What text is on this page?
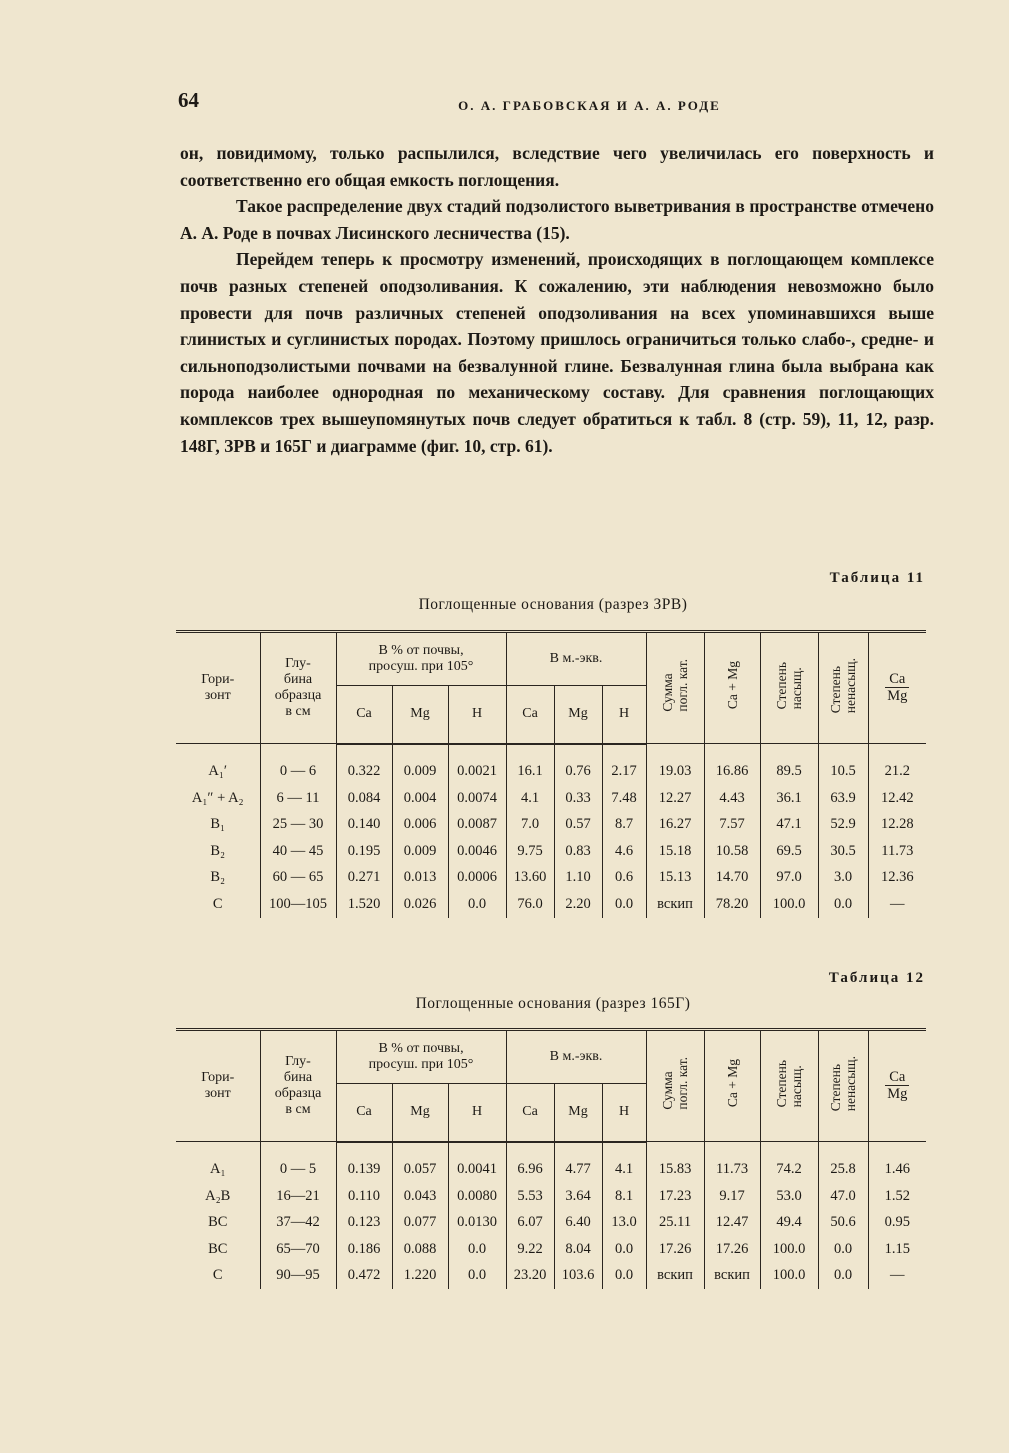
64	О. А. ГРАБОВСКАЯ И А. А. РОДЕ

он, повидимому, только распылился, вследствие чего увеличилась его поверхность и соответственно его общая емкость поглощения.

Такое распределение двух стадий подзолистого выветривания в пространстве отмечено А. А. Роде в почвах Лисинского лесничества (15).

Перейдем теперь к просмотру изменений, происходящих в поглощающем комплексе почв разных степеней оподзоливания. К сожалению, эти наблюдения невозможно было провести для почв различных степеней оподзоливания на всех упоминавшихся выше глинистых и суглинистых породах. Поэтому пришлось ограничиться только слабо-, средне- и сильноподзолистыми почвами на безвалунной глине. Безвалунная глина была выбрана как порода наиболее однородная по механическому составу. Для сравнения поглощающих комплексов трех вышеупомянутых почв следует обратиться к табл. 8 (стр. 59), 11, 12, разр. 148Г, ЗРВ и 165Г и диаграмме (фиг. 10, стр. 61).

Таблица 11
Поглощенные основания (разрез ЗРВ)
Гори-
зонт	Глу-
бина
образца
в см	В % от почвы,
просуш. при 105°			В м.-экв.			Сумма
погл. кат.	Ca + Mg	Степень
насыщ.	Степень
ненасыщ.	$\frac{Ca}{Mg}$

		Ca	Mg	H	Ca	Mg	H					
A₁′	0 — 6	0.322	0.009	0.0021	16.1	0.76	2.17	19.03	16.86	89.5	10.5	21.2
A₁″ + A₂	6 — 11	0.084	0.004	0.0074	4.1	0.33	7.48	12.27	4.43	36.1	63.9	12.42
B₁	25 — 30	0.140	0.006	0.0087	7.0	0.57	8.7	16.27	7.57	47.1	52.9	12.28
B₂	40 — 45	0.195	0.009	0.0046	9.75	0.83	4.6	15.18	10.58	69.5	30.5	11.73
B₂	60 — 65	0.271	0.013	0.0006	13.60	1.10	0.6	15.13	14.70	97.0	3.0	12.36
C	100—105	1.520	0.026	0.0	76.0	2.20	0.0	вскип	78.20	100.0	0.0	—
Таблица 12
Поглощенные основания (разрез 165Г)
Гори-
зонт	Глу-
бина
образца
в см	В % от почвы,
просуш. при 105°			В м.-экв.			Сумма
погл. кат.	Ca + Mg	Степень
насыщ.	Степень
ненасыщ.	$\frac{Ca}{Mg}$

		Ca	Mg	H	Ca	Mg	H					
A₁	0 — 5	0.139	0.057	0.0041	6.96	4.77	4.1	15.83	11.73	74.2	25.8	1.46
A₂B	16—21	0.110	0.043	0.0080	5.53	3.64	8.1	17.23	9.17	53.0	47.0	1.52
BC	37—42	0.123	0.077	0.0130	6.07	6.40	13.0	25.11	12.47	49.4	50.6	0.95
BC	65—70	0.186	0.088	0.0	9.22	8.04	0.0	17.26	17.26	100.0	0.0	1.15
C	90—95	0.472	1.220	0.0	23.20	103.6	0.0	вскип	вскип	100.0	0.0	—
